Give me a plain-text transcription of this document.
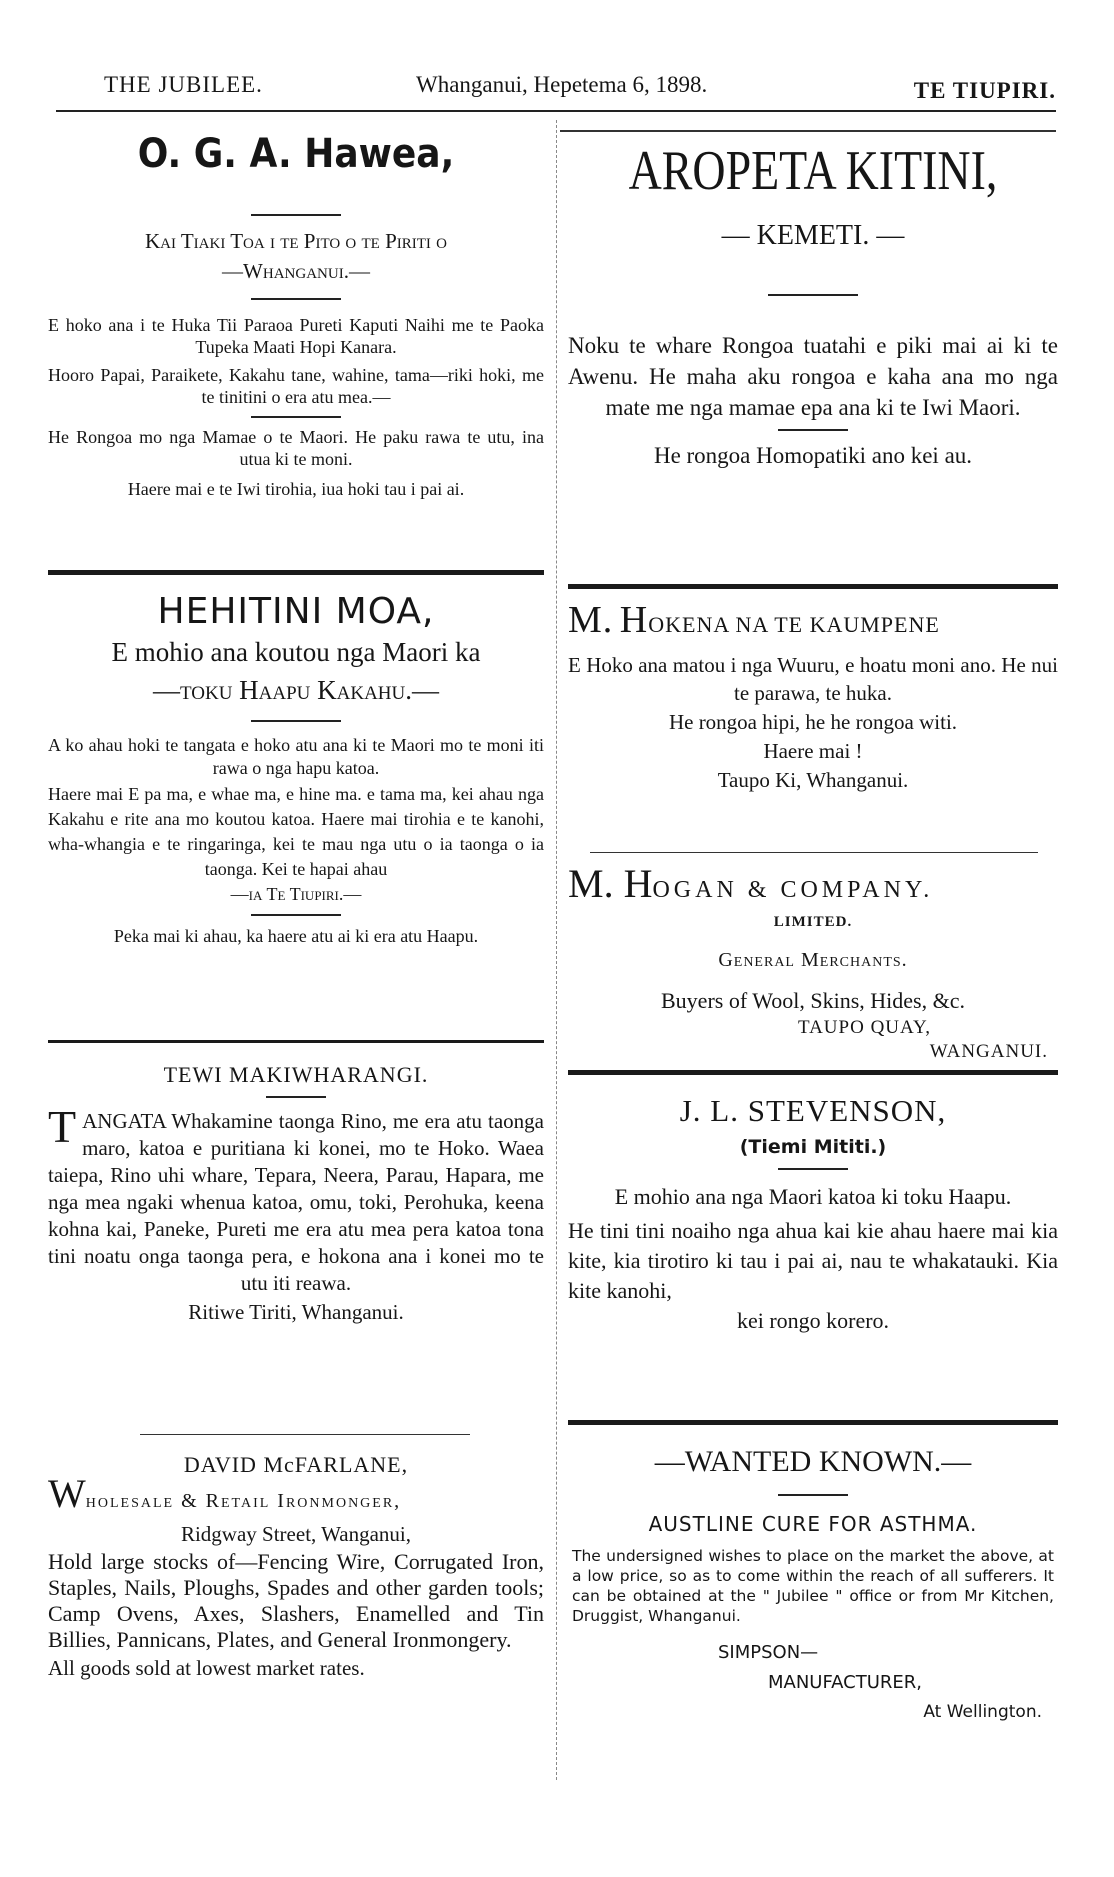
THE JUBILEE.	Whanganui, Hepetema 6, 1898.	TE TIUPIRI.
O. G. A. Hawea,
Kai Tiaki Toa i te Pito o te Piriti o
—Whanganui.—

E hoko ana i te Huka Tii Paraoa Pureti Kaputi Naihi me te Paoka Tupeka Maati Hopi Kanara.

Hooro Papai, Paraikete, Kakahu tane, wahine, tama—riki hoki, me te tinitini o era atu mea.—

He Rongoa mo nga Mamae o te Maori. He paku rawa te utu, ina utua ki te moni.

Haere mai e te Iwi tirohia, iua hoki tau i pai ai.

HEHITINI MOA,
E mohio ana koutou nga Maori ka
—toku Haapu Kakahu.—

A ko ahau hoki te tangata e hoko atu ana ki te Maori mo te moni iti rawa o nga hapu katoa.

Haere mai E pa ma, e whae ma, e hine ma. e tama ma, kei ahau nga Kakahu e rite ana mo koutou katoa. Haere mai tirohia e te kanohi, wha-whangia e te ringaringa, kei te mau nga utu o ia taonga o ia taonga. Kei te hapai ahau

—ia Te Tiupiri.—

Peka mai ki ahau, ka haere atu ai ki era atu Haapu.

TEWI MAKIWHARANGI.

TANGATA Whakamine taonga Rino, me era atu taonga maro, katoa e puritiana ki konei, mo te Hoko. Waea taiepa, Rino uhi whare, Tepara, Neera, Parau, Hapara, me nga mea ngaki whenua katoa, omu, toki, Perohuka, keena kohna kai, Paneke, Pureti me era atu mea pera katoa tona tini noatu onga taonga pera, e hokona ana i konei mo te utu iti reawa.

Ritiwe Tiriti, Whanganui.

DAVID McFARLANE,
Wholesale & Retail Ironmonger,
Ridgway Street, Wanganui,

Hold large stocks of—Fencing Wire, Corrugated Iron, Staples, Nails, Ploughs, Spades and other garden tools; Camp Ovens, Axes, Slashers, Enamelled and Tin Billies, Pannicans, Plates, and General Ironmongery.

All goods sold at lowest market rates.

AROPETA KITINI,
— KEMETI. —

Noku te whare Rongoa tuatahi e piki mai ai ki te Awenu. He maha aku rongoa e kaha ana mo nga mate me nga mamae epa ana ki te Iwi Maori.

He rongoa Homopatiki ano kei au.

M. HOKENA NA TE KAUMPENE

E Hoko ana matou i nga Wuuru, e hoatu moni ano. He nui te parawa, te huka.

He rongoa hipi, he he rongoa witi.

Haere mai !

Taupo Ki, Whanganui.

M. HOGAN & COMPANY.
LIMITED.
General Merchants.
Buyers of Wool, Skins, Hides, &c.
TAUPO QUAY,
WANGANUI.
J. L. STEVENSON,
(Tiemi Mititi.)

E mohio ana nga Maori katoa ki toku Haapu.

He tini tini noaiho nga ahua kai kie ahau haere mai kia kite, kia tirotiro ki tau i pai ai, nau te whakatauki. Kia kite kanohi,

kei rongo korero.

—WANTED KNOWN.—
AUSTLINE CURE FOR ASTHMA.

The undersigned wishes to place on the market the above, at a low price, so as to come within the reach of all sufferers. It can be obtained at the " Jubilee " office or from Mr Kitchen, Druggist, Whanganui.

SIMPSON—
MANUFACTURER,
At Wellington.
